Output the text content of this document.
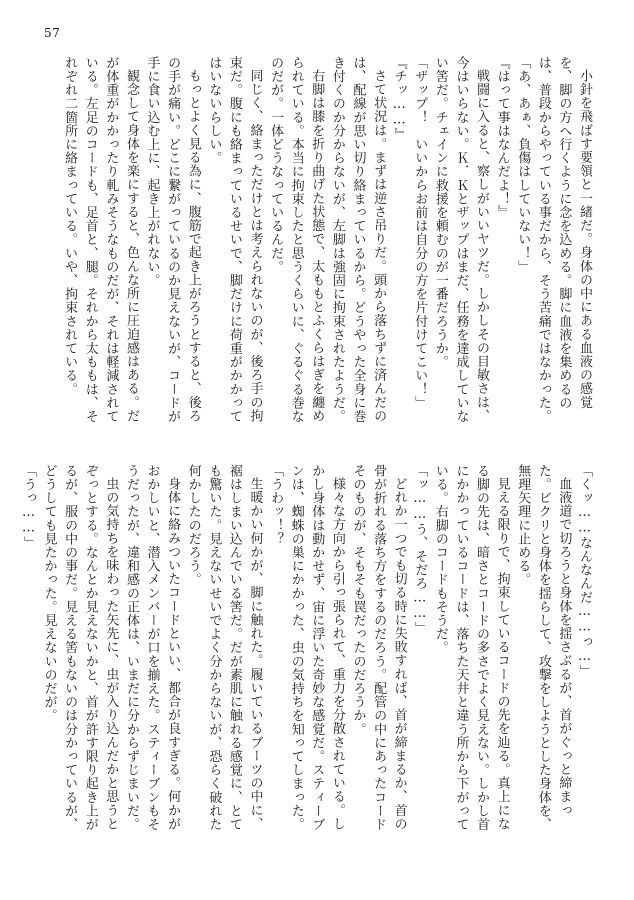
57

小針を飛ばす要領と一緒だ。身体の中にある血液の感覚を、脚の方へ行くように念を込める。脚に血液を集めるのは、普段からやっている事だから、そう苦痛ではなかった。

「あ、あぁ、負傷はしていない！」

『はって事はなんだよ！』

戦闘に入ると、察しがいいヤツだ。しかしその目敏さは、今はいらない。Ｋ．Ｋとザップはまだ、任務を達成していない筈だ。チェインに救援を頼むのが一番だろうか。

「ザップ！　いいからお前は自分の方を片付けてこい！」

『チッ……』

さて状況は。まずは逆さ吊りだ。頭から落ちずに済んだのは、配線が思い切り絡まっているから。どうやった全身に巻き付くのか分からないが、左脚は強固に拘束されたようだ。

右脚は膝を折り曲げた状態で、太ももとふくらはぎを纏められている。本当に拘束したと思うくらいに、ぐるぐる巻なのだが。一体どうなっているんだ。

同じく、絡まっただけとは考えられないのが、後ろ手の拘束だ。腹にも絡まっているせいで、脚だけに荷重がかかってはいないらしい。

もっとよく見る為に、腹筋で起き上がろうとすると、後ろの手が痛い。どこに繋がっているのか見えないが、コードが手に食い込む上に、起き上がれない。

観念して身体を楽にすると、色んな所に圧迫感はある。だが体重がかかったり軋みそうなものだが、それは軽減されている。左足のコードも、足首と、腿。それから太ももは、それぞれ二箇所に絡まっている。いや、拘束されている。

「くッ……なんなんだ……っ…」

血液道で切ろうと身体を揺さぶるが、首がぐっと締まった。ビクリと身体を揺らして、攻撃をしようとした身体を、無理矢理に止める。

見える限りで、拘束しているコードの先を辿る。真上になる脚の先は、暗さとコードの多さでよく見えない。しかし首にかかっているコードは、落ちた天井と違う所から下がっている。右脚のコードもそうだ。

「ッ……う、そだろ……」

どれか一つでも切る時に失敗すれば、首が締まるか、首の骨が折れる落ち方をするのだろう。配管の中にあったコードそのものが、そもそも罠だったのだろうか。

様々な方向から引っ張られて、重力を分散されている。しかし身体は動かせず、宙に浮いた奇妙な感覚だ。スティーブンは、蜘蛛の巣にかかった、虫の気持ちを知ってしまった。

「うわッ！？

生暖かい何かが、脚に触れた。履いているブーツの中に、裾はしまい込んでいる筈だ。だが素肌に触れる感覚に、とても驚いた。見えないせいでよく分からないが、恐らく破れた何かしたのだろう。

身体に絡みついたコードといい、都合が良すぎる。何かがおかしいと、潜入メンバーが口を揃えた。スティーブンもそうだったが、違和感の正体は、いまだに分からずじまいだ。

虫の気持ちを味わった矢先に、虫が入り込んだかと思うとぞっとする。なんとか見えないかと、首が許す限り起き上がるが、服の中の事だ。見える筈もないのは分かっているが、どうしても見たかった。見えないのだが。

「うっ……」
